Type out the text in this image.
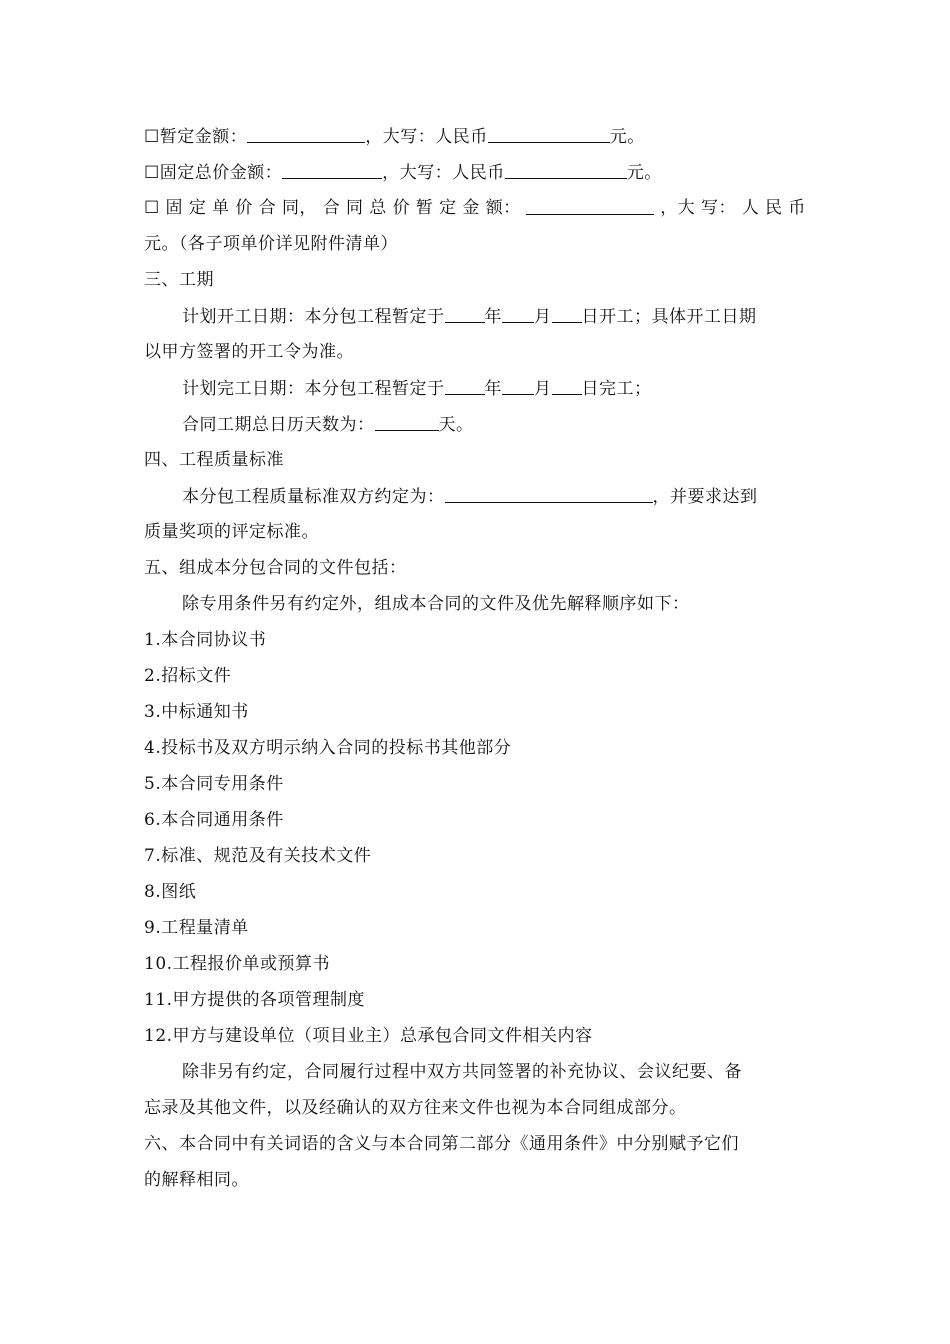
☐暂定金额：	，大写：人民币	元。
☐固定总价金额：	，大写：人民币	元。
☐ 固 定 单 价 合 同， 合 同 总 价 暂 定 金 额：	，大 写： 人 民 币
元。（各子项单价详见附件清单）
三、工期
计划开工日期：本分包工程暂定于 年 月 日开工；具体开工日期
以甲方签署的开工令为准。
计划完工日期：本分包工程暂定于 年 月 日完工；
合同工期总日历天数为：	天。
四、工程质量标准
本分包工程质量标准双方约定为：	，并要求达到
质量奖项的评定标准。
五、组成本分包合同的文件包括：
除专用条件另有约定外，组成本合同的文件及优先解释顺序如下：
1.本合同协议书
2.招标文件
3.中标通知书
4.投标书及双方明示纳入合同的投标书其他部分
5.本合同专用条件
6.本合同通用条件
7.标准、规范及有关技术文件
8.图纸
9.工程量清单
10.工程报价单或预算书
11.甲方提供的各项管理制度
12.甲方与建设单位（项目业主）总承包合同文件相关内容
除非另有约定，合同履行过程中双方共同签署的补充协议、会议纪要、备
忘录及其他文件，以及经确认的双方往来文件也视为本合同组成部分。
六、本合同中有关词语的含义与本合同第二部分《通用条件》中分别赋予它们
的解释相同。
